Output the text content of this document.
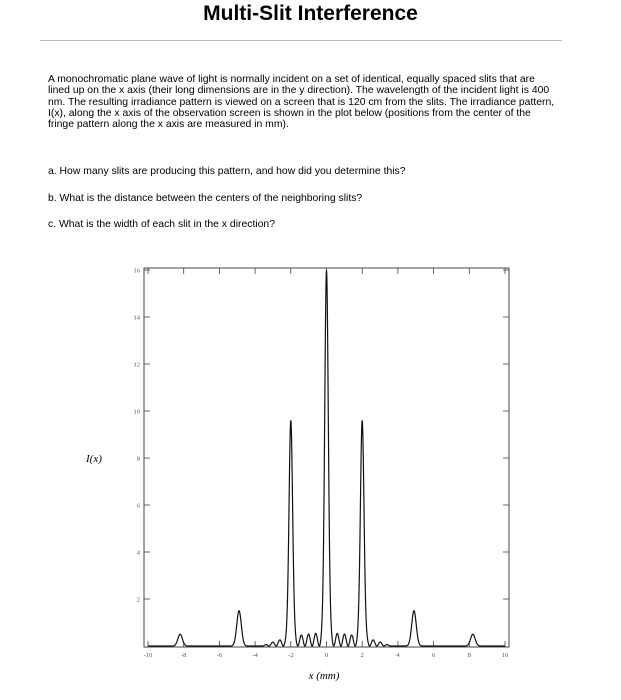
Multi-Slit Interference
A monochromatic plane wave of light is normally incident on a set of identical, equally spaced slits that are lined up on the x axis (their long dimensions are in the y direction). The wavelength of the incident light is 400 nm. The resulting irradiance pattern is viewed on a screen that is 120 cm from the slits. The irradiance pattern, I(x), along the x axis of the observation screen is shown in the plot below (positions from the center of the fringe pattern along the x axis are measured in mm).
a. How many slits are producing this pattern, and how did you determine this?
b. What is the distance between the centers of the neighboring slits?
c. What is the width of each slit in the x direction?
-10	-8	-6	-4	-2	0	2	4	6	8	10
16
14
12
10
8
6
4
2
I(x)
x (mm)
